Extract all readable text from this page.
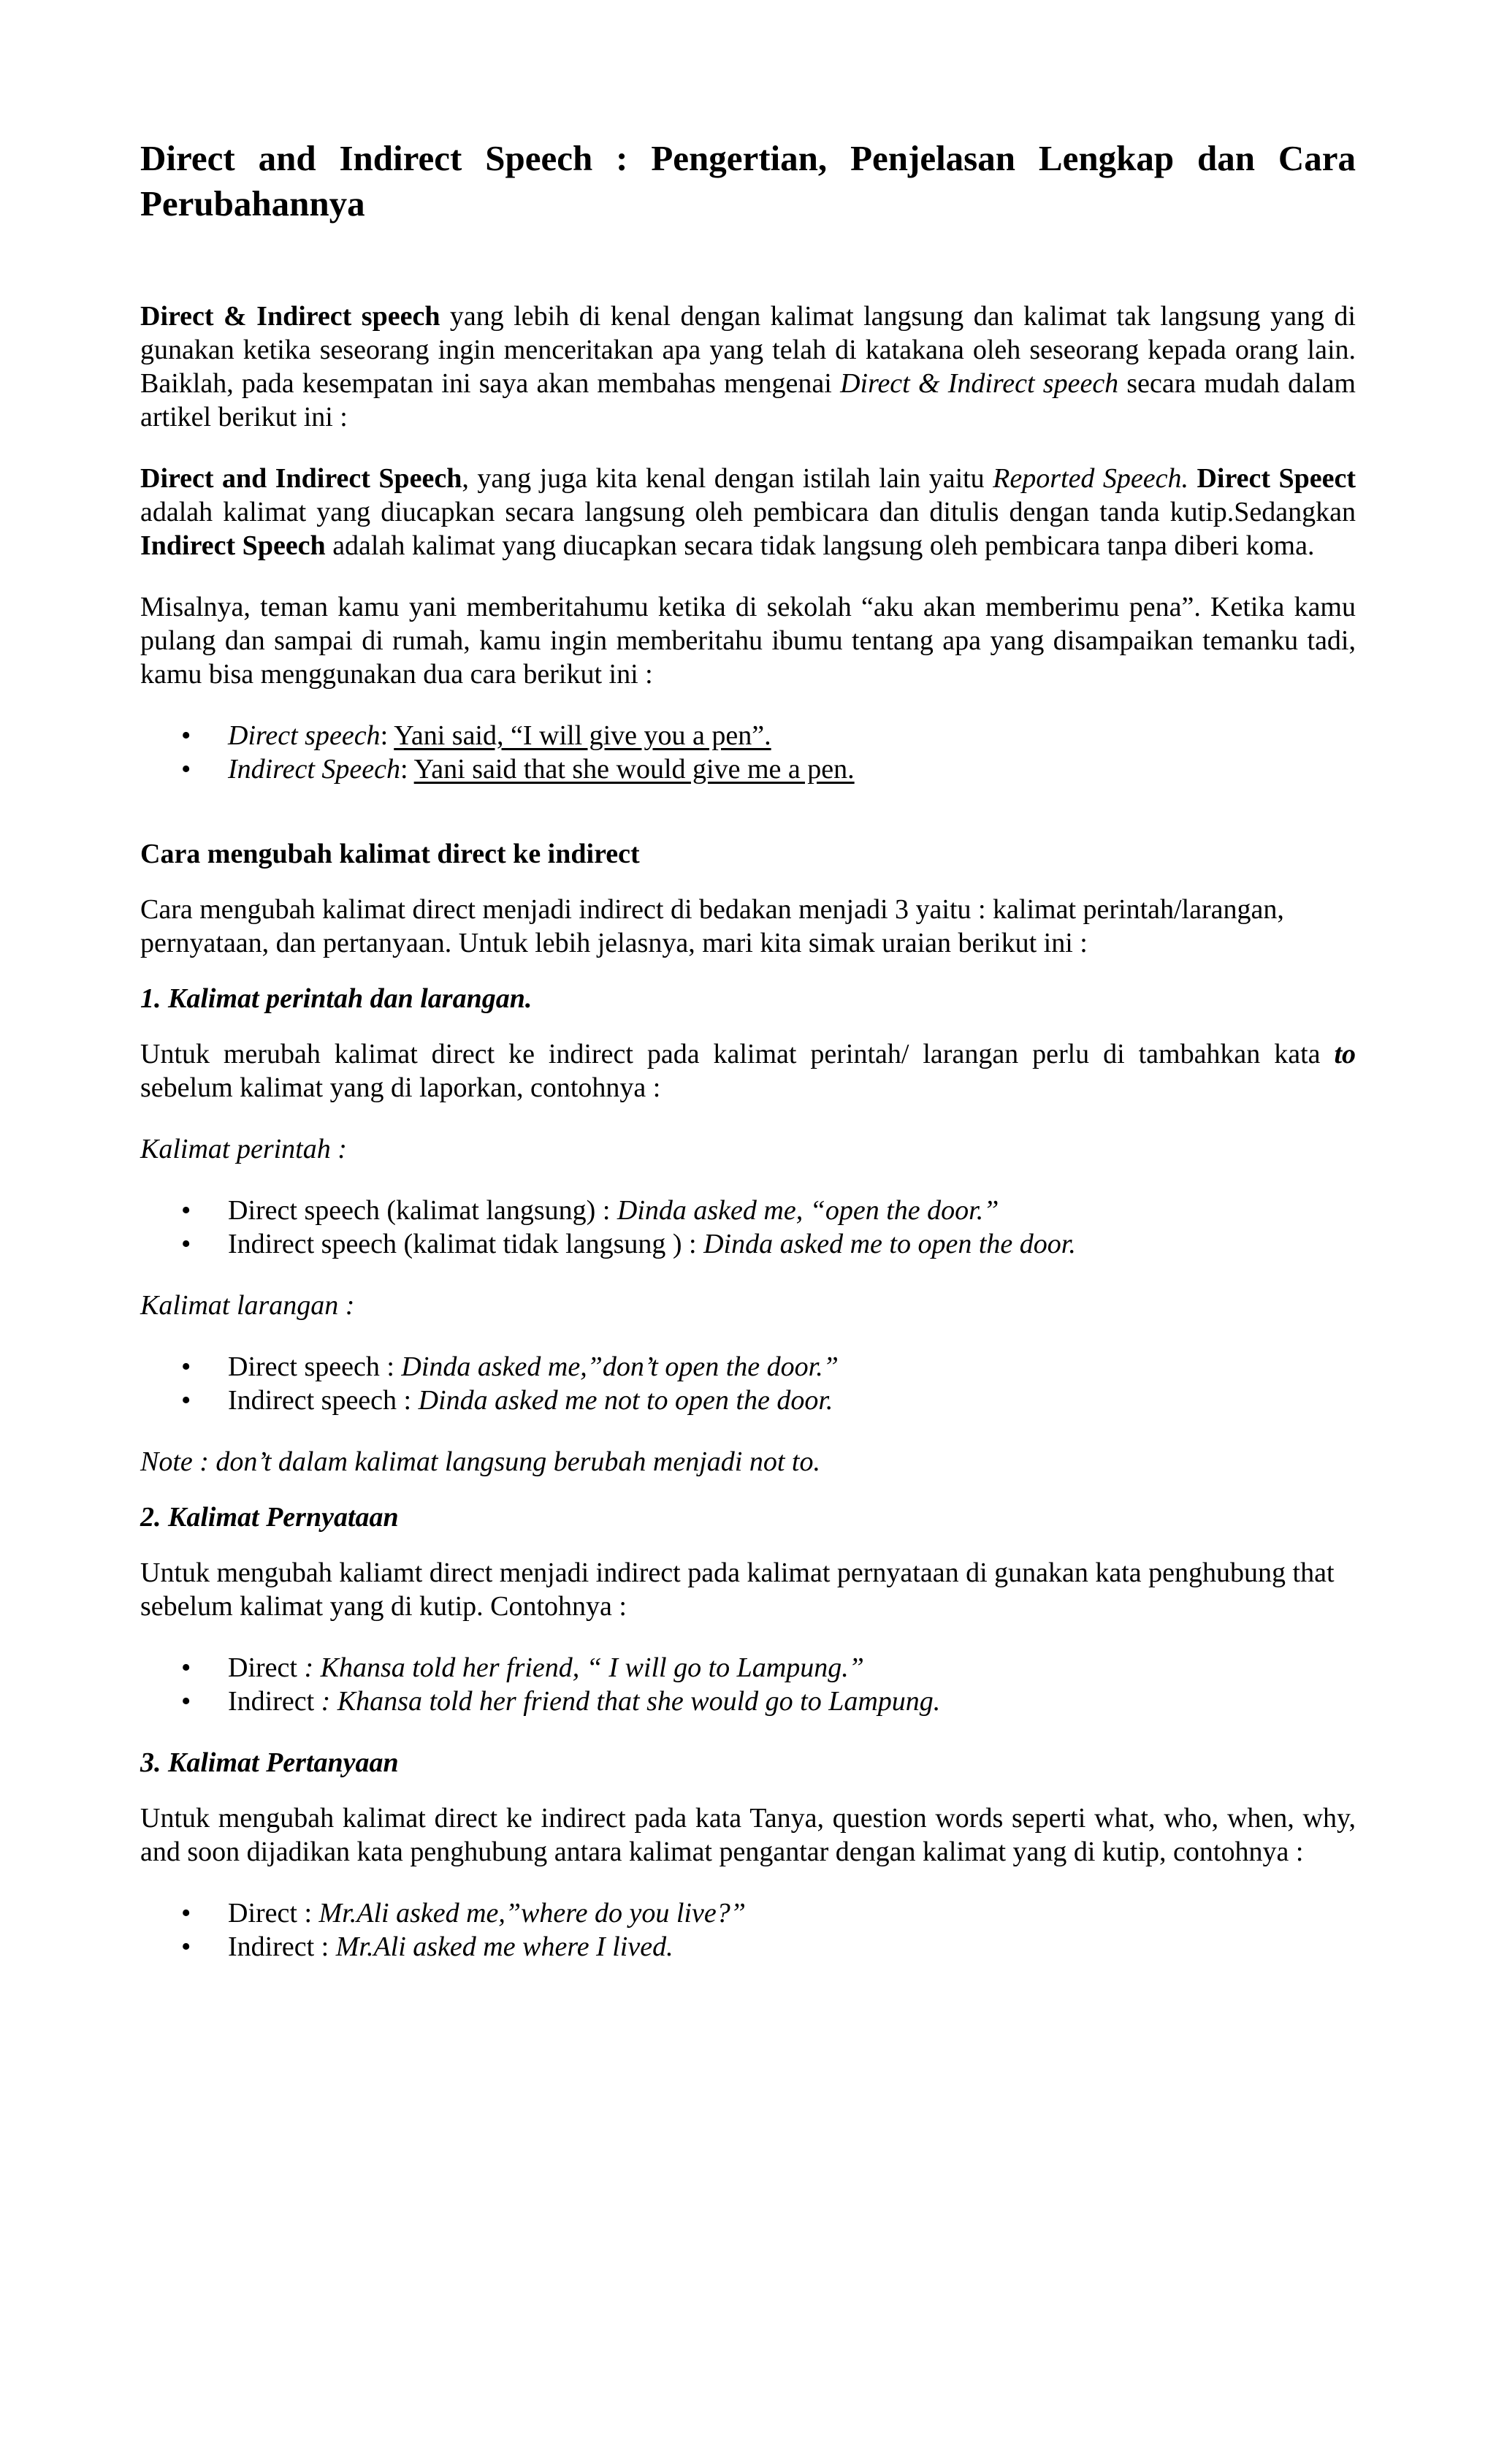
Direct and Indirect Speech : Pengertian, Penjelasan Lengkap dan Cara Perubahannya

Direct & Indirect speech yang lebih di kenal dengan kalimat langsung dan kalimat tak langsung yang di gunakan ketika seseorang ingin menceritakan apa yang telah di katakana oleh seseorang kepada orang lain. Baiklah, pada kesempatan ini saya akan membahas mengenai Direct & Indirect speech secara mudah dalam artikel berikut ini :

Direct and Indirect Speech, yang juga kita kenal dengan istilah lain yaitu Reported Speech. Direct Speect adalah kalimat yang diucapkan secara langsung oleh pembicara dan ditulis dengan tanda kutip.Sedangkan Indirect Speech adalah kalimat yang diucapkan secara tidak langsung oleh pembicara tanpa diberi koma.

Misalnya, teman kamu yani memberitahumu ketika di sekolah “aku akan memberimu pena”. Ketika kamu pulang dan sampai di rumah, kamu ingin memberitahu ibumu tentang apa yang disampaikan temanku tadi, kamu bisa menggunakan dua cara berikut ini :

• Direct speech: Yani said, “I will give you a pen”.
• Indirect Speech: Yani said that she would give me a pen.
Cara mengubah kalimat direct ke indirect

Cara mengubah kalimat direct menjadi indirect di bedakan menjadi 3 yaitu : kalimat perintah/larangan, pernyataan, dan pertanyaan. Untuk lebih jelasnya, mari kita simak uraian berikut ini :

1. Kalimat perintah dan larangan.

Untuk merubah kalimat direct ke indirect pada kalimat perintah/ larangan perlu di tambahkan kata to sebelum kalimat yang di laporkan, contohnya :

Kalimat perintah :

• Direct speech (kalimat langsung) : Dinda asked me, “open the door.”
• Indirect speech (kalimat tidak langsung ) : Dinda asked me to open the door.

Kalimat larangan :

• Direct speech : Dinda asked me,”don’t open the door.”
• Indirect speech : Dinda asked me not to open the door.

Note : don’t dalam kalimat langsung berubah menjadi not to.

2. Kalimat Pernyataan

Untuk mengubah kaliamt direct menjadi indirect pada kalimat pernyataan di gunakan kata penghubung that sebelum kalimat yang di kutip. Contohnya :

• Direct : Khansa told her friend, “ I will go to Lampung.”
• Indirect : Khansa told her friend that she would go to Lampung.
3. Kalimat Pertanyaan

Untuk mengubah kalimat direct ke indirect pada kata Tanya, question words seperti what, who, when, why, and soon dijadikan kata penghubung antara kalimat pengantar dengan kalimat yang di kutip, contohnya :

• Direct : Mr.Ali asked me,”where do you live?”
• Indirect : Mr.Ali asked me where I lived.
